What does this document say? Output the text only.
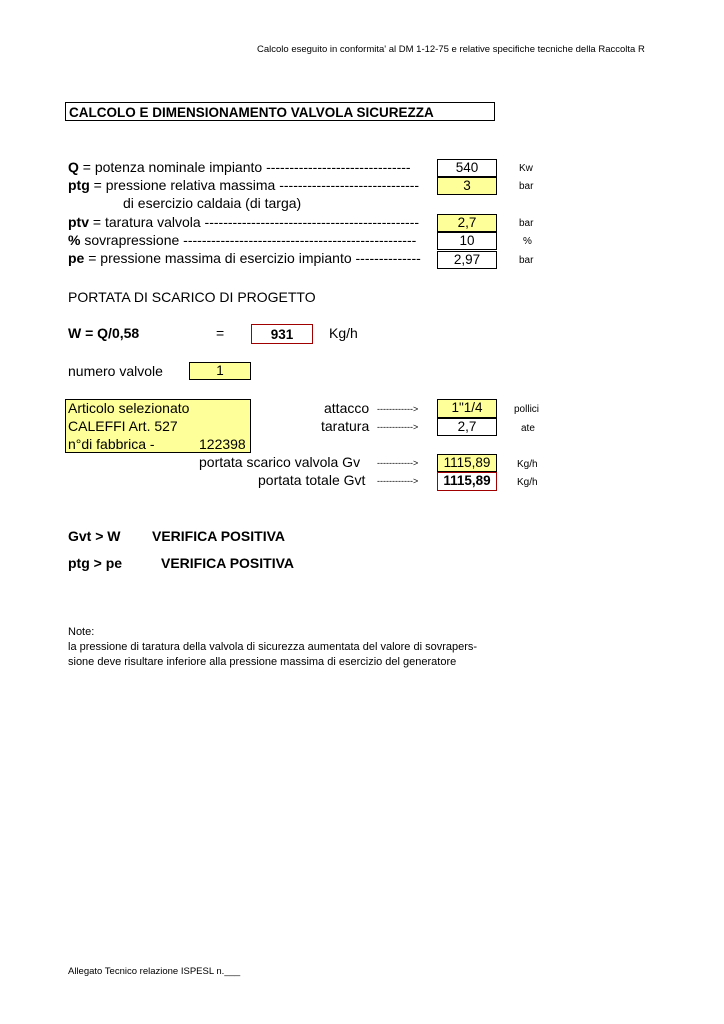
Calcolo eseguito in conformita' al DM 1-12-75 e relative specifiche tecniche della Raccolta R
CALCOLO E DIMENSIONAMENTO VALVOLA SICUREZZA
Q = potenza nominale impianto -------------------------------	540	Kw
ptg = pressione relativa massima ------------------------------	3	bar
di esercizio caldaia (di targa)
ptv = taratura valvola ----------------------------------------------	2,7	bar
% sovrapressione --------------------------------------------------	10	%
pe = pressione massima di esercizio impianto --------------	2,97	bar
PORTATA DI SCARICO DI PROGETTO
W = Q/0,58	=	931	Kg/h
numero valvole	1
Articolo selezionato
CALEFFI Art. 527
n°di fabbrica -	122398
attacco ------------>	1"1/4	pollici
taratura ------------>	2,7	ate
portata scarico valvola Gv ------------>	1115,89	Kg/h
portata totale Gvt ------------>	1115,89	Kg/h
Gvt > W VERIFICA POSITIVA
ptg > pe	VERIFICA POSITIVA
Note:
la pressione di taratura della valvola di sicurezza aumentata del valore di sovrapers-
sione deve risultare inferiore alla pressione massima di esercizio del generatore
Allegato Tecnico relazione ISPESL n.___
